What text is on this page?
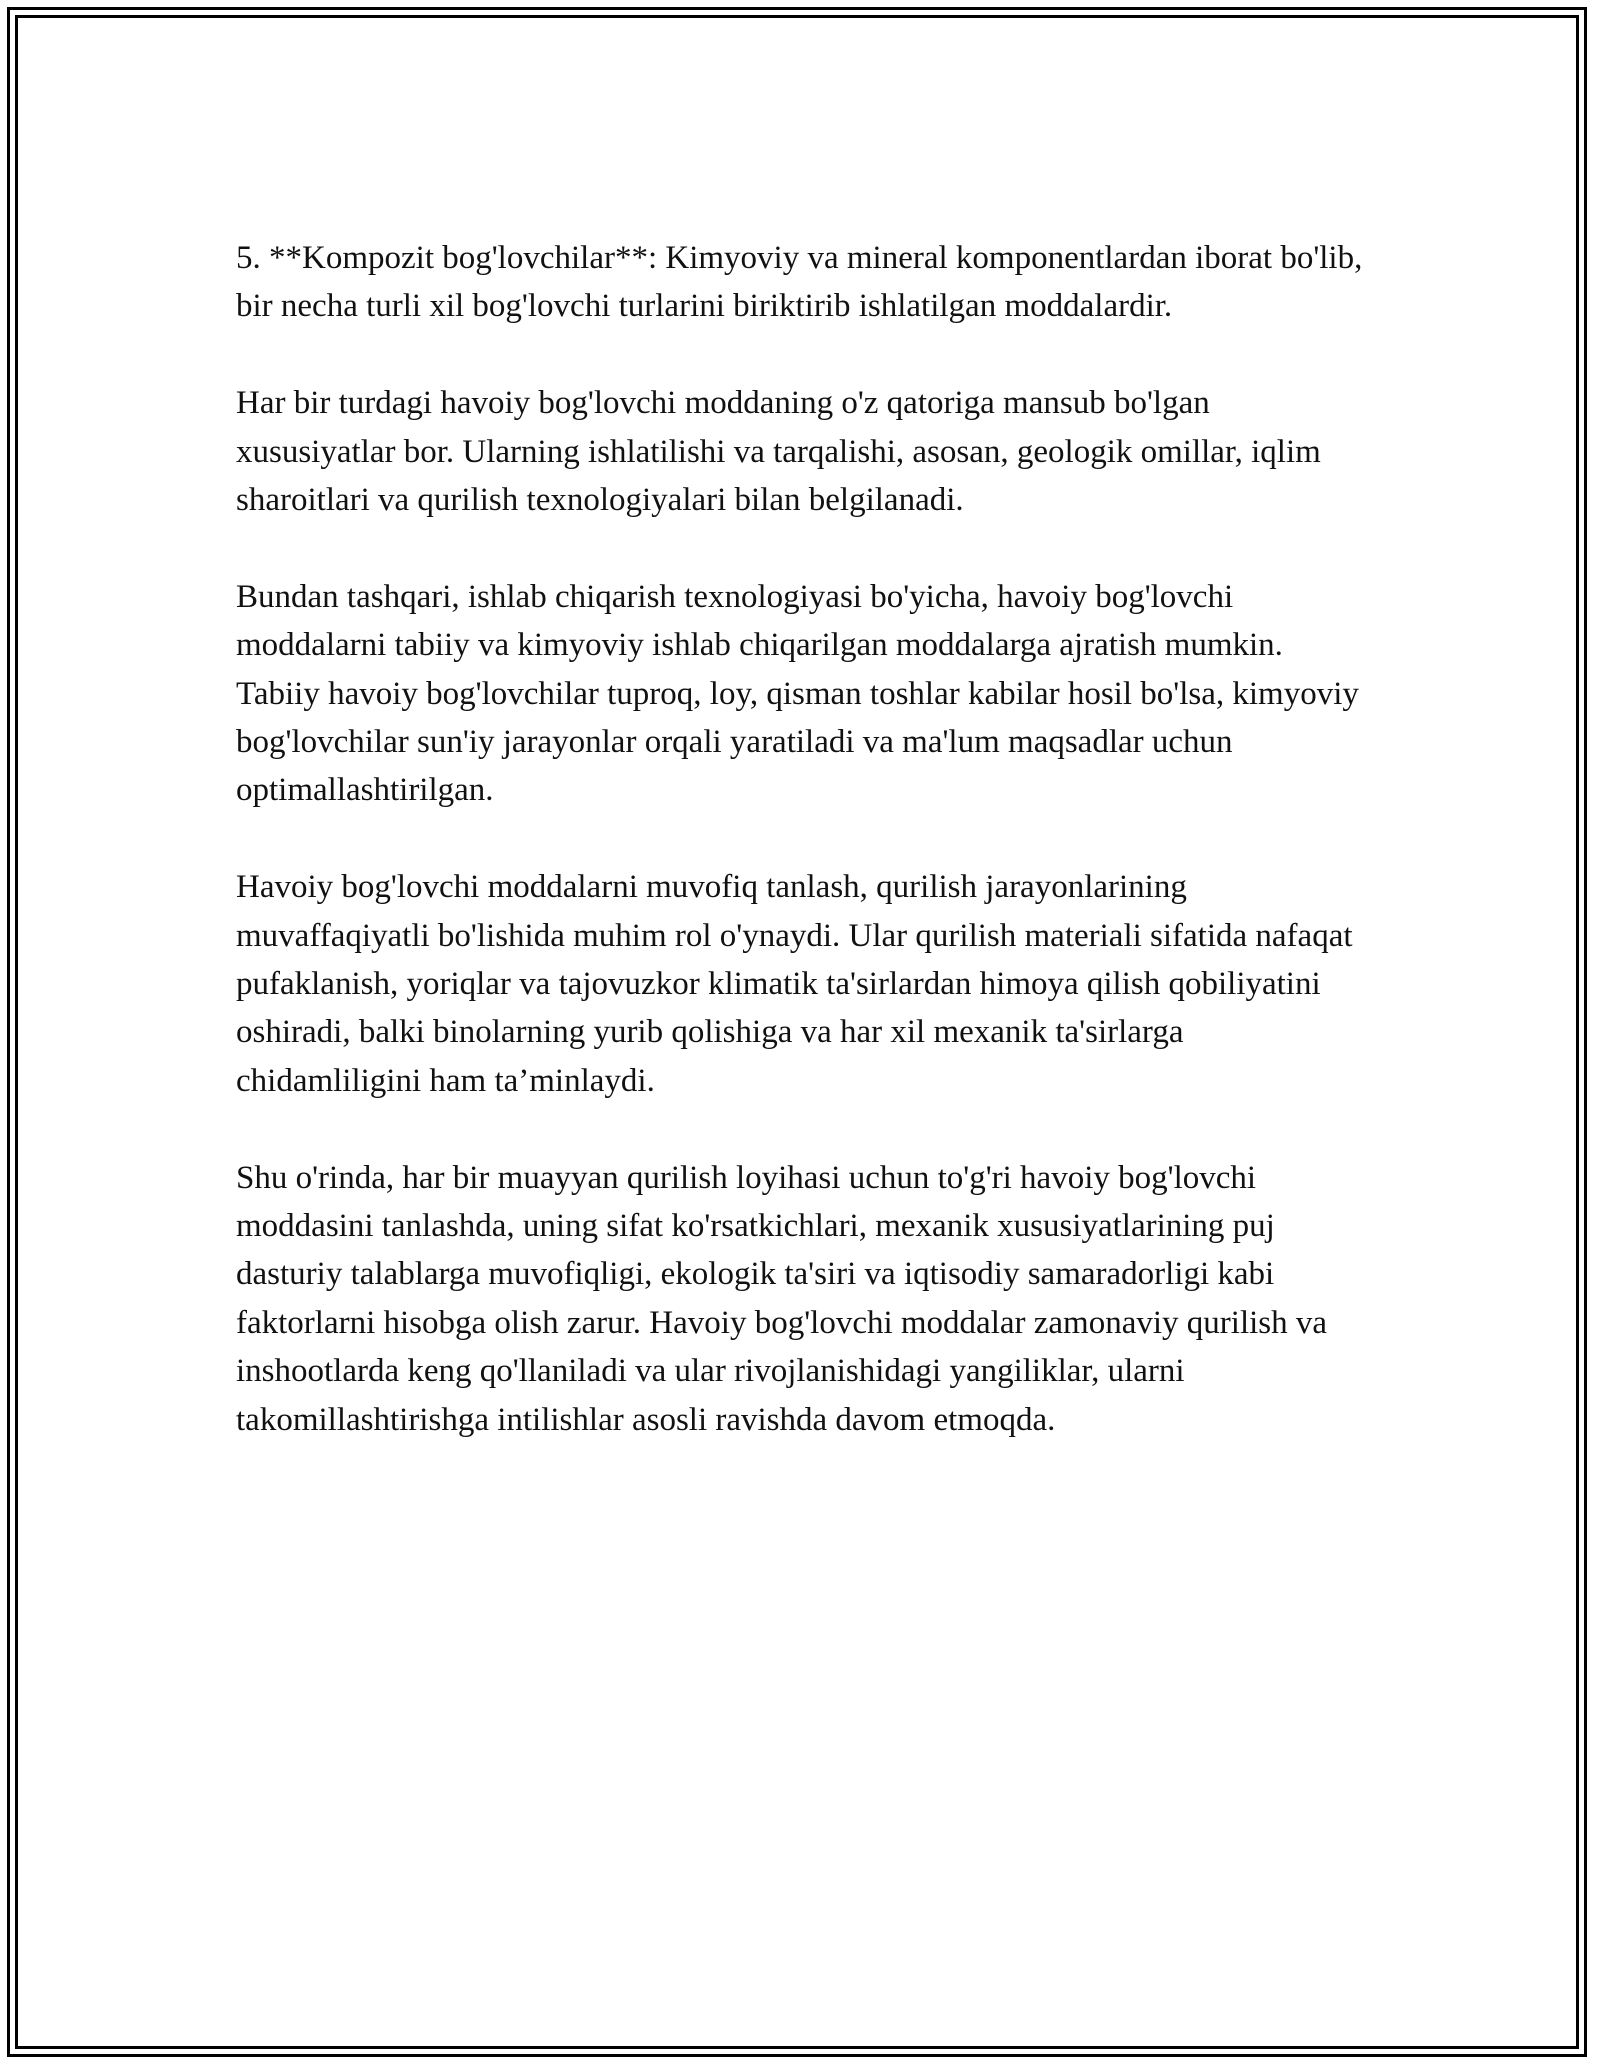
5. **Kompozit bog'lovchilar**: Kimyoviy va mineral komponentlardan iborat bo'lib, bir necha turli xil bog'lovchi turlarini biriktirib ishlatilgan moddalardir.

Har bir turdagi havoiy bog'lovchi moddaning o'z qatoriga mansub bo'lgan xususiyatlar bor. Ularning ishlatilishi va tarqalishi, asosan, geologik omillar, iqlim sharoitlari va qurilish texnologiyalari bilan belgilanadi.

Bundan tashqari, ishlab chiqarish texnologiyasi bo'yicha, havoiy bog'lovchi moddalarni tabiiy va kimyoviy ishlab chiqarilgan moddalarga ajratish mumkin. Tabiiy havoiy bog'lovchilar tuproq, loy, qisman toshlar kabilar hosil bo'lsa, kimyoviy bog'lovchilar sun'iy jarayonlar orqali yaratiladi va ma'lum maqsadlar uchun optimallashtirilgan.

Havoiy bog'lovchi moddalarni muvofiq tanlash, qurilish jarayonlarining muvaffaqiyatli bo'lishida muhim rol o'ynaydi. Ular qurilish materiali sifatida nafaqat pufaklanish, yoriqlar va tajovuzkor klimatik ta'sirlardan himoya qilish qobiliyatini oshiradi, balki binolarning yurib qolishiga va har xil mexanik ta'sirlarga chidamliligini ham ta’minlaydi.

Shu o'rinda, har bir muayyan qurilish loyihasi uchun to'g'ri havoiy bog'lovchi moddasini tanlashda, uning sifat ko'rsatkichlari, mexanik xususiyatlarining puj dasturiy talablarga muvofiqligi, ekologik ta'siri va iqtisodiy samaradorligi kabi faktorlarni hisobga olish zarur. Havoiy bog'lovchi moddalar zamonaviy qurilish va inshootlarda keng qo'llaniladi va ular rivojlanishidagi yangiliklar, ularni takomillashtirishga intilishlar asosli ravishda davom etmoqda.
